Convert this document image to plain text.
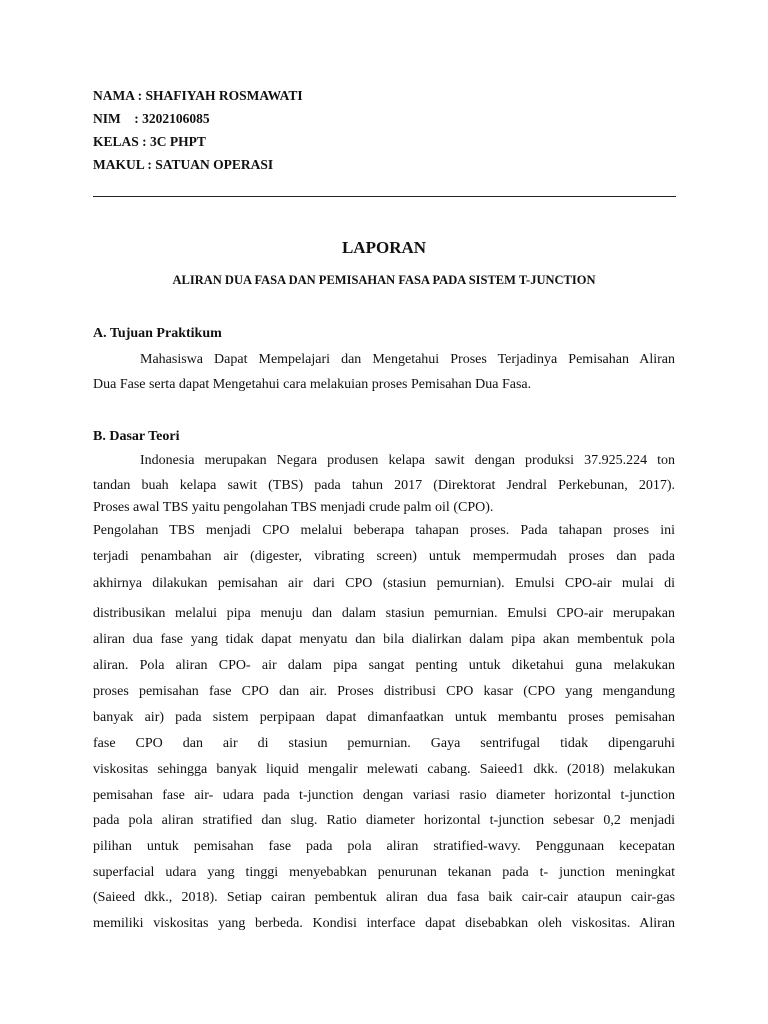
NAMA : SHAFIYAH ROSMAWATI
NIM    : 3202106085
KELAS : 3C PHPT
MAKUL : SATUAN OPERASI
LAPORAN
ALIRAN DUA FASA DAN PEMISAHAN FASA PADA SISTEM T-JUNCTION
A. Tujuan Praktikum
Mahasiswa Dapat Mempelajari dan Mengetahui Proses Terjadinya Pemisahan Aliran
Dua Fase serta dapat Mengetahui cara melakuian proses Pemisahan Dua Fasa.
B. Dasar Teori
Indonesia merupakan Negara produsen kelapa sawit dengan produksi 37.925.224 ton
tandan buah kelapa sawit (TBS) pada tahun 2017 (Direktorat Jendral Perkebunan, 2017).
Proses awal TBS yaitu pengolahan TBS menjadi crude palm oil (CPO).
Pengolahan TBS menjadi CPO melalui beberapa tahapan proses. Pada tahapan proses ini
terjadi penambahan air (digester, vibrating screen) untuk mempermudah proses dan pada
akhirnya dilakukan pemisahan air dari CPO (stasiun pemurnian). Emulsi CPO-air mulai di
distribusikan melalui pipa menuju dan dalam stasiun pemurnian. Emulsi CPO-air merupakan
aliran dua fase yang tidak dapat menyatu dan bila dialirkan dalam pipa akan membentuk pola
aliran. Pola aliran CPO- air dalam pipa sangat penting untuk diketahui guna melakukan
proses pemisahan fase CPO dan air. Proses distribusi CPO kasar (CPO yang mengandung
banyak air) pada sistem perpipaan dapat dimanfaatkan untuk membantu proses pemisahan
fase CPO dan air di stasiun pemurnian. Gaya sentrifugal tidak dipengaruhi
viskositas sehingga banyak liquid mengalir melewati cabang. Saieed1 dkk. (2018) melakukan
pemisahan fase air- udara pada t-junction dengan variasi rasio diameter horizontal t-junction
pada pola aliran stratified dan slug. Ratio diameter horizontal t-junction sebesar 0,2 menjadi
pilihan untuk pemisahan fase pada pola aliran stratified-wavy. Penggunaan kecepatan
superfacial udara yang tinggi menyebabkan penurunan tekanan pada t- junction meningkat
(Saieed dkk., 2018). Setiap cairan pembentuk aliran dua fasa baik cair-cair ataupun cair-gas
memiliki viskositas yang berbeda. Kondisi interface dapat disebabkan oleh viskositas. Aliran
